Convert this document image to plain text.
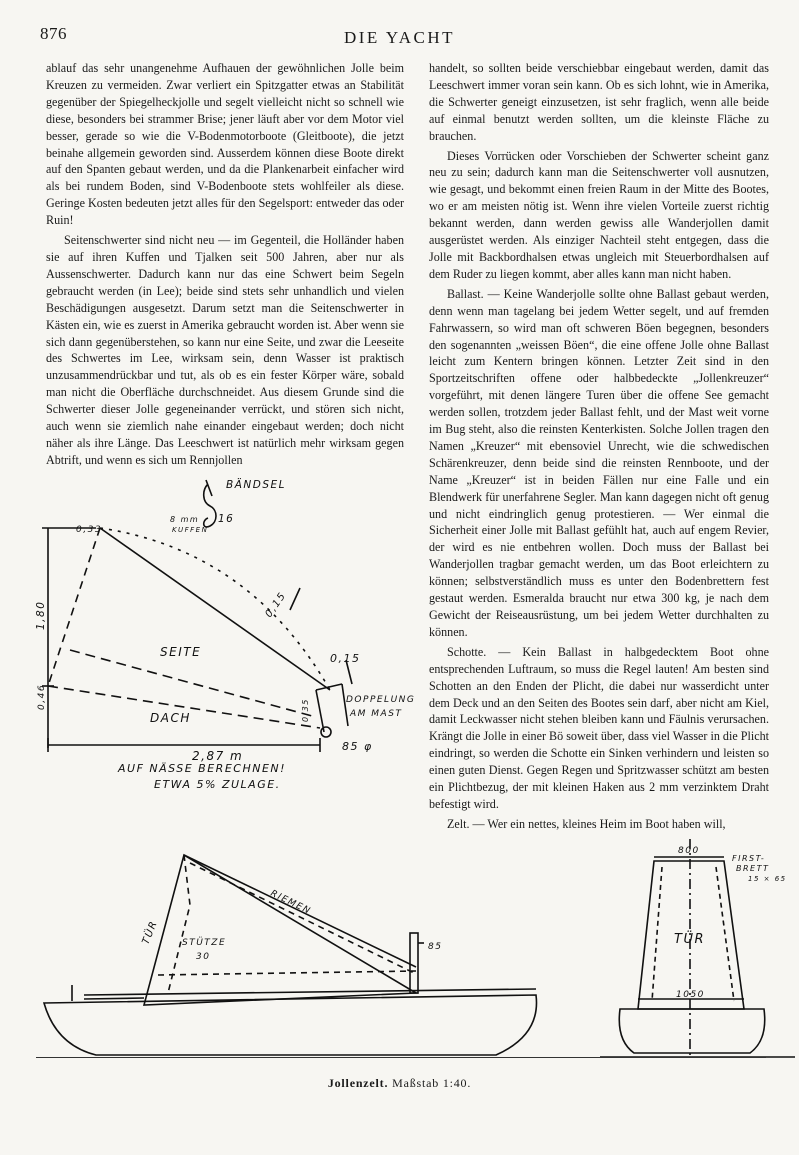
876	DIE YACHT

ablauf das sehr unangenehme Aufhauen der gewöhnlichen Jolle beim Kreuzen zu vermeiden. Zwar verliert ein Spitzgatter etwas an Stabilität gegenüber der Spiegelheckjolle und segelt vielleicht nicht so schnell wie diese, besonders bei strammer Brise; jener läuft aber vor dem Motor viel besser, gerade so wie die V-Bodenmotorboote (Gleitboote), die jetzt beinahe allgemein geworden sind. Ausserdem können diese Boote direkt auf den Spanten gebaut werden, und da die Plankenarbeit einfacher wird als bei rundem Boden, sind V-Bodenboote stets wohlfeiler als diese. Geringe Kosten bedeuten jetzt alles für den Segelsport: entweder das oder Ruin!

Seitenschwerter sind nicht neu — im Gegenteil, die Holländer haben sie auf ihren Kuffen und Tjalken seit 500 Jahren, aber nur als Aussenschwerter. Dadurch kann nur das eine Schwert beim Segeln gebraucht werden (in Lee); beide sind stets sehr unhandlich und vielen Beschädigungen ausgesetzt. Darum setzt man die Seitenschwerter in Kästen ein, wie es zuerst in Amerika gebraucht worden ist. Aber wenn sie sich dann gegenüberstehen, so kann nur eine Seite, und zwar die Leeseite des Schwertes im Lee, wirksam sein, denn Wasser ist praktisch unzusammendrückbar und tut, als ob es ein fester Körper wäre, sobald man nicht die Oberfläche durchschneidet. Aus diesem Grunde sind die Schwerter dieser Jolle gegeneinander verrückt, und stören sich nicht, auch wenn sie ziemlich nahe einander eingebaut werden; doch nicht näher als ihre Länge. Das Leeschwert ist natürlich mehr wirksam gegen Abtrift, und wenn es sich um Rennjollen

handelt, so sollten beide verschiebbar eingebaut werden, damit das Leeschwert immer voran sein kann. Ob es sich lohnt, wie in Amerika, die Schwerter geneigt einzusetzen, ist sehr fraglich, wenn alle beide auf einmal benutzt werden sollten, um die kleinste Fläche zu brauchen.

Dieses Vorrücken oder Vorschieben der Schwerter scheint ganz neu zu sein; dadurch kann man die Seitenschwerter voll ausnutzen, wie gesagt, und bekommt einen freien Raum in der Mitte des Bootes, wo er am meisten nötig ist. Wenn ihre vielen Vorteile zuerst richtig bekannt werden, dann werden gewiss alle Wanderjollen damit ausgerüstet werden. Als einziger Nachteil steht entgegen, dass die Jolle mit Backbordhalsen etwas ungleich mit Steuerbordhalsen auf dem Ruder zu liegen kommt, aber alles kann man nicht haben.

Ballast. — Keine Wanderjolle sollte ohne Ballast gebaut werden, denn wenn man tagelang bei jedem Wetter segelt, und auf fremden Fahrwassern, so wird man oft schweren Böen begegnen, besonders den sogenannten „weissen Böen“, die eine offene Jolle ohne Ballast leicht zum Kentern bringen können. Letzter Zeit sind in den Sportzeitschriften offene oder halbbedeckte „Jollenkreuzer“ vorgeführt, mit denen längere Turen über die offene See gemacht werden sollen, trotzdem jeder Ballast fehlt, und der Mast weit vorne im Bug steht, also die reinsten Kenterkisten. Solche Jollen tragen den Namen „Kreuzer“ mit ebensoviel Unrecht, wie die schwedischen Schärenkreuzer, denn beide sind die reinsten Rennboote, und der Name „Kreuzer“ ist in beiden Fällen nur eine Falle und ein Blendwerk für unerfahrene Segler. Man kann dagegen nicht oft genug und nicht eindringlich genug protestieren. — Wer einmal die Sicherheit einer Jolle mit Ballast gefühlt hat, auch auf engem Revier, der wird es nie entbehren wollen. Doch muss der Ballast bei Wanderjollen tragbar gemacht werden, um das Boot erleichtern zu können; selbstverständlich muss es unter den Bodenbrettern fest gestaut werden. Esmeralda braucht nur etwa 300 kg, je nach dem Gewicht der Reiseausrüstung, um bei jedem Wetter durchhalten zu können.

Schotte. — Kein Ballast in halbgedecktem Boot ohne entsprechenden Luftraum, so muss die Regel lauten! Am besten sind Schotten an den Enden der Plicht, die dabei nur wasserdicht unter dem Deck und an den Seiten des Bootes sein darf, aber nicht am Kiel, damit Leckwasser nicht stehen bleiben kann und Fäulnis verursachen. Krängt die Jolle in einer Bö soweit über, dass viel Wasser in die Plicht eindringt, so werden die Schotte ein Sinken verhindern und leisten so einen guten Dienst. Gegen Regen und Spritzwasser schützt am besten ein Plichtbezug, der mit kleinen Haken aus 2 mm verzinktem Draht befestigt wird.

Zelt. — Wer ein nettes, kleines Heim im Boot haben will,

BÄNDSEL
8 mm
KUFFEN
16
0,33
1,80
0,46
SEITE
0,15
0,15
DACH
DOPPELUNG
AM MAST
0,35
2,87 m
85 φ
AUF NÄSSE BERECHNEN!
ETWA 5% ZULAGE.
TÜR STÜTZE
30
RIEMEN
85
800
FIRST-
BRETT
15 × 65
TÜR
1050
Jollenzelt. Maßstab 1:40.
